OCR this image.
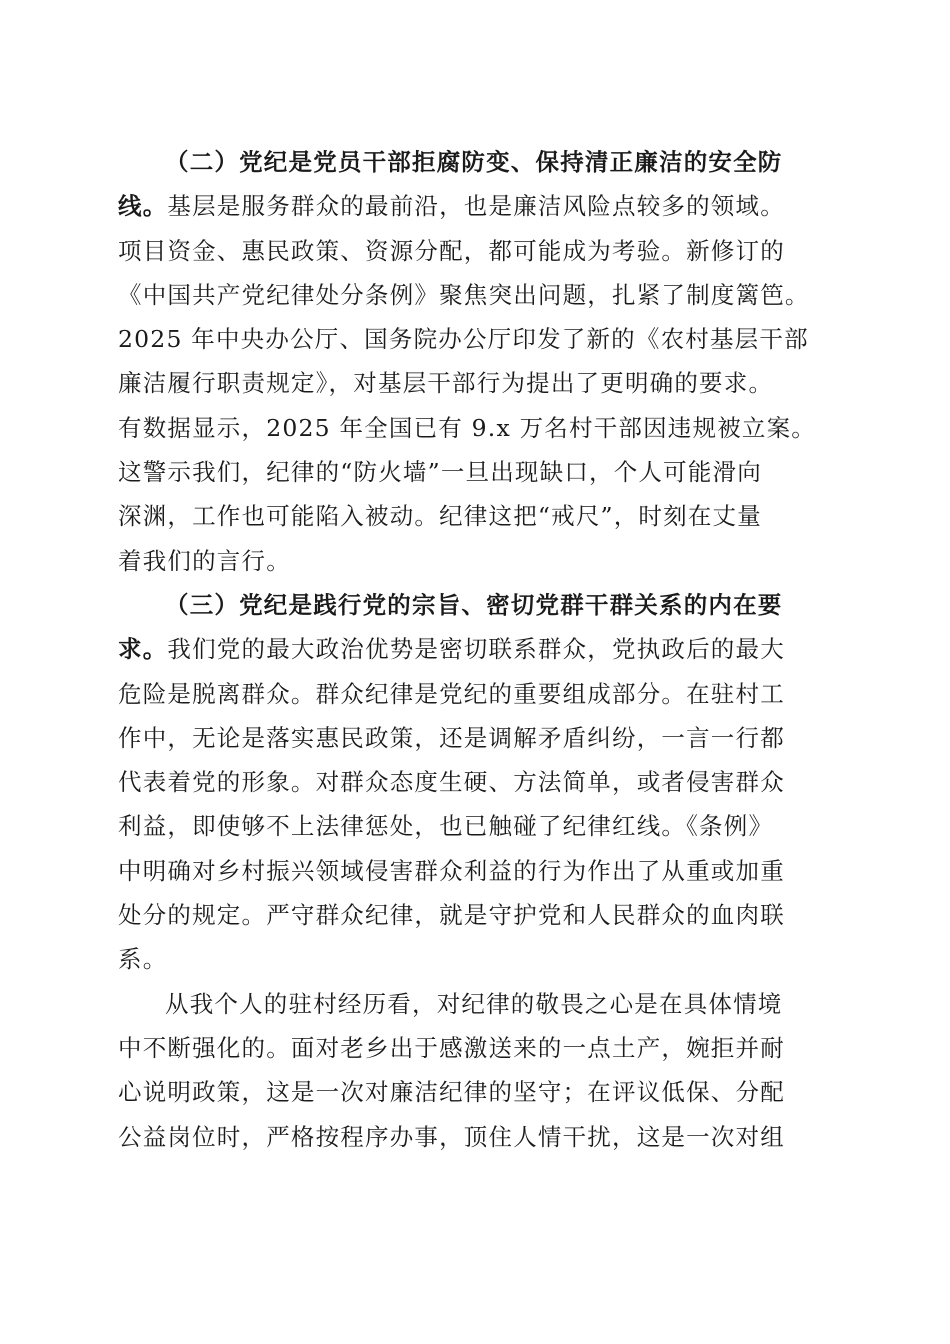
（二）党纪是党员干部拒腐防变、保持清正廉洁的安全防
线。基层是服务群众的最前沿，也是廉洁风险点较多的领域。
项目资金、惠民政策、资源分配，都可能成为考验。新修订的
《中国共产党纪律处分条例》聚焦突出问题，扎紧了制度篱笆。
2025 年中央办公厅、国务院办公厅印发了新的《农村基层干部
廉洁履行职责规定》，对基层干部行为提出了更明确的要求。
有数据显示，2025 年全国已有 9.x 万名村干部因违规被立案。
这警示我们，纪律的“防火墙”一旦出现缺口，个人可能滑向
深渊，工作也可能陷入被动。纪律这把“戒尺”，时刻在丈量
着我们的言行。
（三）党纪是践行党的宗旨、密切党群干群关系的内在要
求。我们党的最大政治优势是密切联系群众，党执政后的最大
危险是脱离群众。群众纪律是党纪的重要组成部分。在驻村工
作中，无论是落实惠民政策，还是调解矛盾纠纷，一言一行都
代表着党的形象。对群众态度生硬、方法简单，或者侵害群众
利益，即使够不上法律惩处，也已触碰了纪律红线。《条例》
中明确对乡村振兴领域侵害群众利益的行为作出了从重或加重
处分的规定。严守群众纪律，就是守护党和人民群众的血肉联
系。
从我个人的驻村经历看，对纪律的敬畏之心是在具体情境
中不断强化的。面对老乡出于感激送来的一点土产，婉拒并耐
心说明政策，这是一次对廉洁纪律的坚守；在评议低保、分配
公益岗位时，严格按程序办事，顶住人情干扰，这是一次对组
